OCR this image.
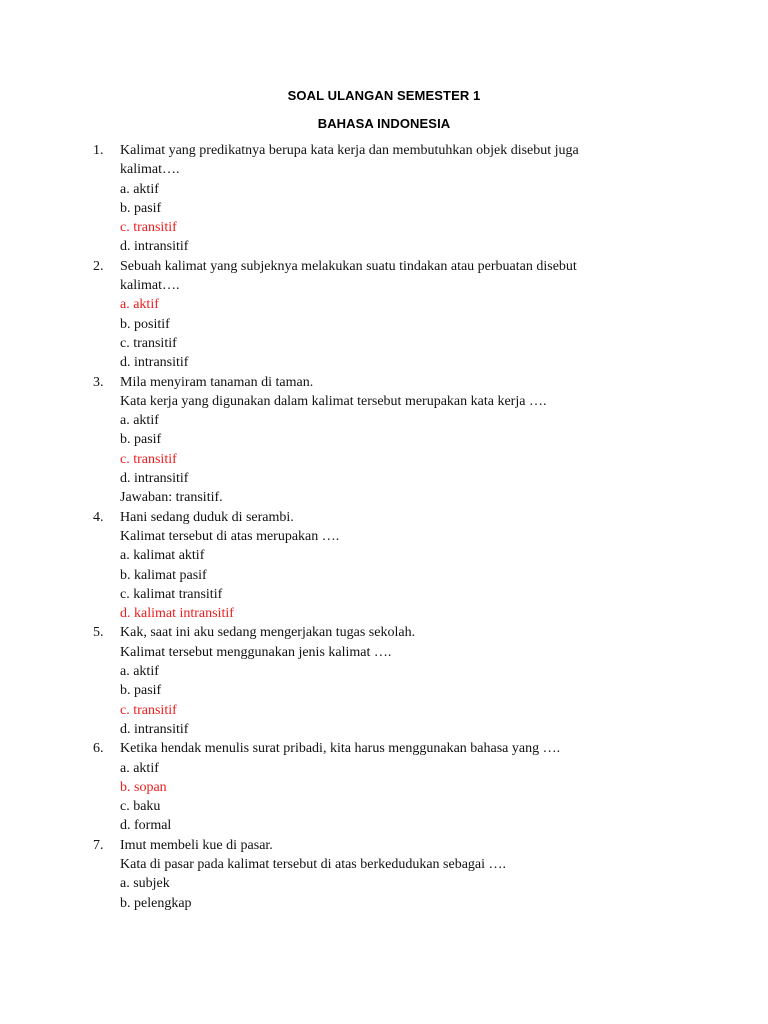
SOAL ULANGAN SEMESTER 1
BAHASA INDONESIA
1. Kalimat yang predikatnya berupa kata kerja dan membutuhkan objek disebut juga
kalimat….
a. aktif
b. pasif
c. transitif
d. intransitif
2. Sebuah kalimat yang subjeknya melakukan suatu tindakan atau perbuatan disebut
kalimat….
a. aktif
b. positif
c. transitif
d. intransitif
3. Mila menyiram tanaman di taman.
Kata kerja yang digunakan dalam kalimat tersebut merupakan kata kerja ….
a. aktif
b. pasif
c. transitif
d. intransitif
Jawaban: transitif.
4. Hani sedang duduk di serambi.
Kalimat tersebut di atas merupakan ….
a. kalimat aktif
b. kalimat pasif
c. kalimat transitif
d. kalimat intransitif
5. Kak, saat ini aku sedang mengerjakan tugas sekolah.
Kalimat tersebut menggunakan jenis kalimat ….
a. aktif
b. pasif
c. transitif
d. intransitif
6. Ketika hendak menulis surat pribadi, kita harus menggunakan bahasa yang ….
a. aktif
b. sopan
c. baku
d. formal
7. Imut membeli kue di pasar.
Kata di pasar pada kalimat tersebut di atas berkedudukan sebagai ….
a. subjek
b. pelengkap
